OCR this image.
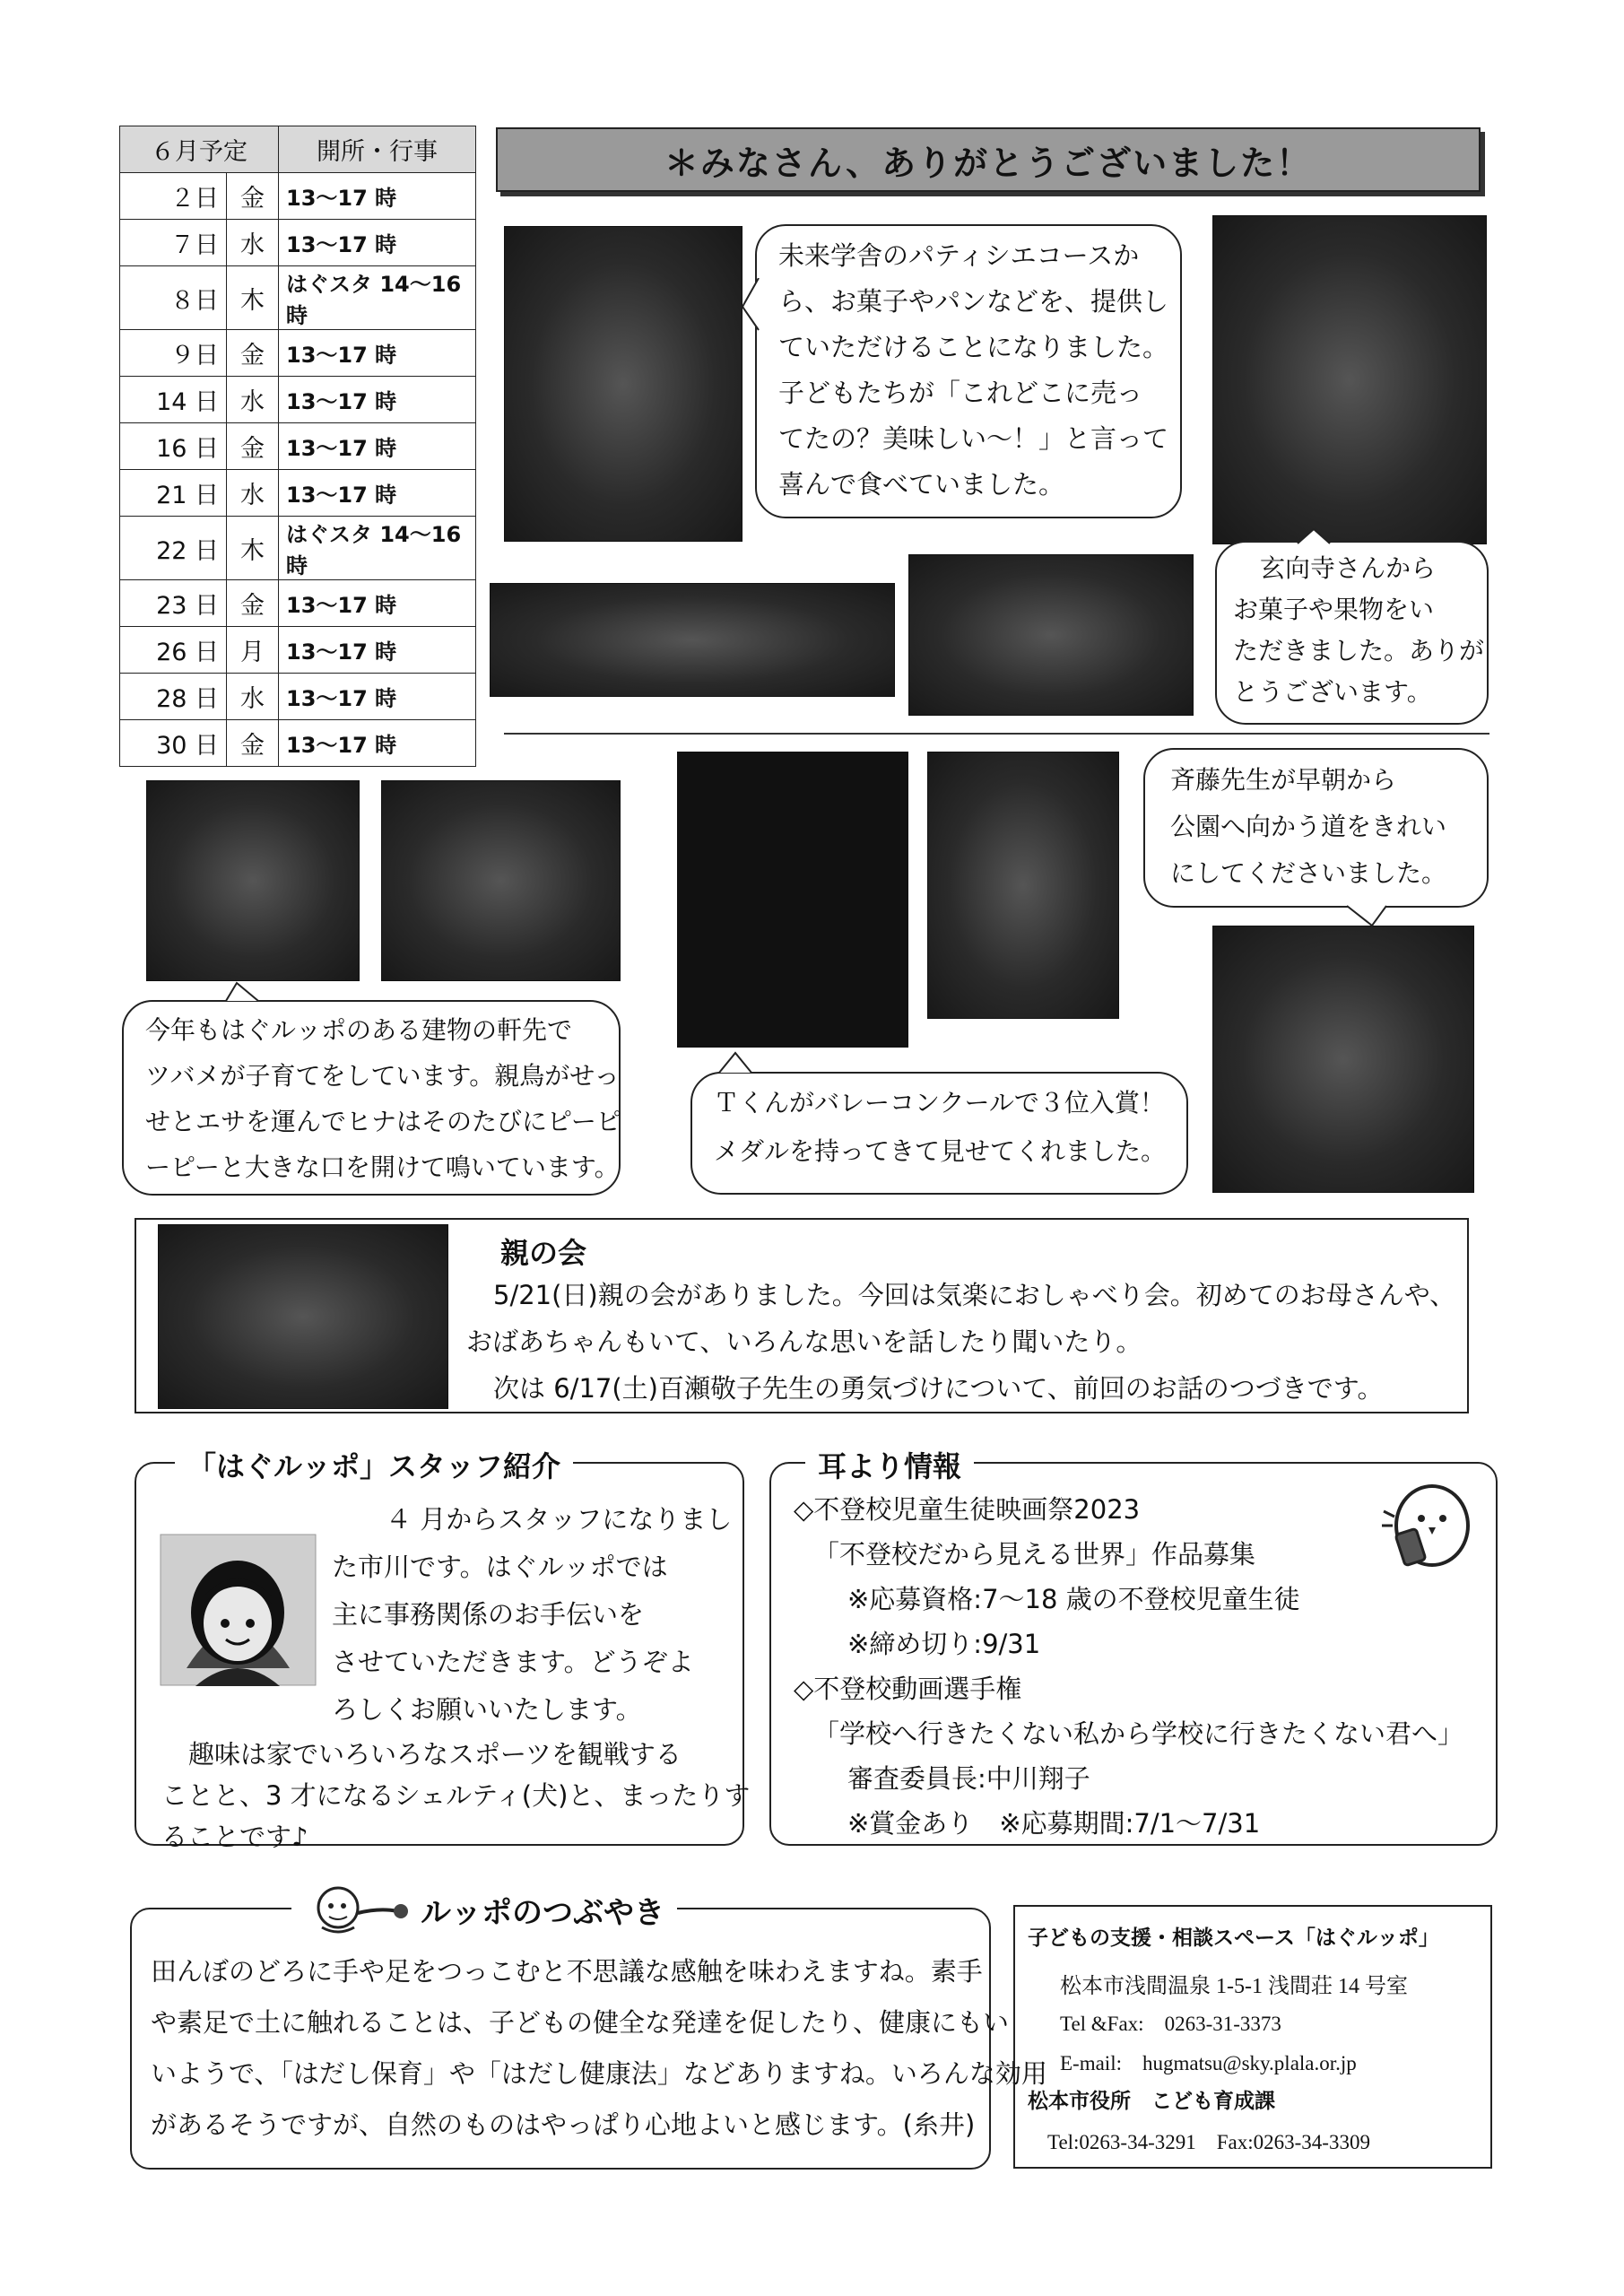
６月予定		開所・行事
２日	金	13～17 時
７日	水	13～17 時
８日	木	はぐスタ 14～16 時
９日	金	13～17 時
14 日	水	13～17 時
16 日	金	13～17 時
21 日	水	13～17 時
22 日	木	はぐスタ 14～16 時
23 日	金	13～17 時
26 日	月	13～17 時
28 日	水	13～17 時
30 日	金	13～17 時
＊みなさん、ありがとうございました！
未来学舎のパティシエコースか
ら、お菓子やパンなどを、提供し
ていただけることになりました。
子どもたちが「これどこに売っ
てたの？美味しい～！」と言って
喜んで食べていました。
玄向寺さんから
お菓子や果物をい
ただきました。ありが
とうございます。
斉藤先生が早朝から
公園へ向かう道をきれい
にしてくださいました。
今年もはぐルッポのある建物の軒先で
ツバメが子育てをしています。親鳥がせっ
せとエサを運んでヒナはそのたびにピーピ
ーピーと大きな口を開けて鳴いています。
Ｔくんがバレーコンクールで３位入賞！
メダルを持ってきて見せてくれました。
親の会
5/21(日)親の会がありました。今回は気楽におしゃべり会。初めてのお母さんや、
おばあちゃんもいて、いろんな思いを話したり聞いたり。
次は 6/17(土)百瀬敬子先生の勇気づけについて、前回のお話のつづきです。
「はぐルッポ」スタッフ紹介
４ 月からスタッフになりまし
た市川です。はぐルッポでは
主に事務関係のお手伝いを
させていただきます。どうぞよ
ろしくお願いいたします。
趣味は家でいろいろなスポーツを観戦する
ことと、3 才になるシェルティ(犬)と、まったりす
ることです♪
耳より情報
◇不登校児童生徒映画祭2023
「不登校だから見える世界」作品募集
※応募資格:7～18 歳の不登校児童生徒
※締め切り:9/31
◇不登校動画選手権
「学校へ行きたくない私から学校に行きたくない君へ」
審査委員長:中川翔子
※賞金あり　※応募期間:7/1～7/31
ルッポのつぶやき
田んぼのどろに手や足をつっこむと不思議な感触を味わえますね。素手
や素足で土に触れることは、子どもの健全な発達を促したり、健康にもい
いようで、「はだし保育」や「はだし健康法」などありますね。いろんな効用
があるそうですが、自然のものはやっぱり心地よいと感じます。(糸井)
子どもの支援・相談スペース「はぐルッポ」
松本市浅間温泉 1-5-1 浅間荘 14 号室
Tel &Fax:　0263-31-3373
E-mail:　hugmatsu@sky.plala.or.jp
松本市役所　こども育成課
Tel:0263-34-3291　Fax:0263-34-3309
